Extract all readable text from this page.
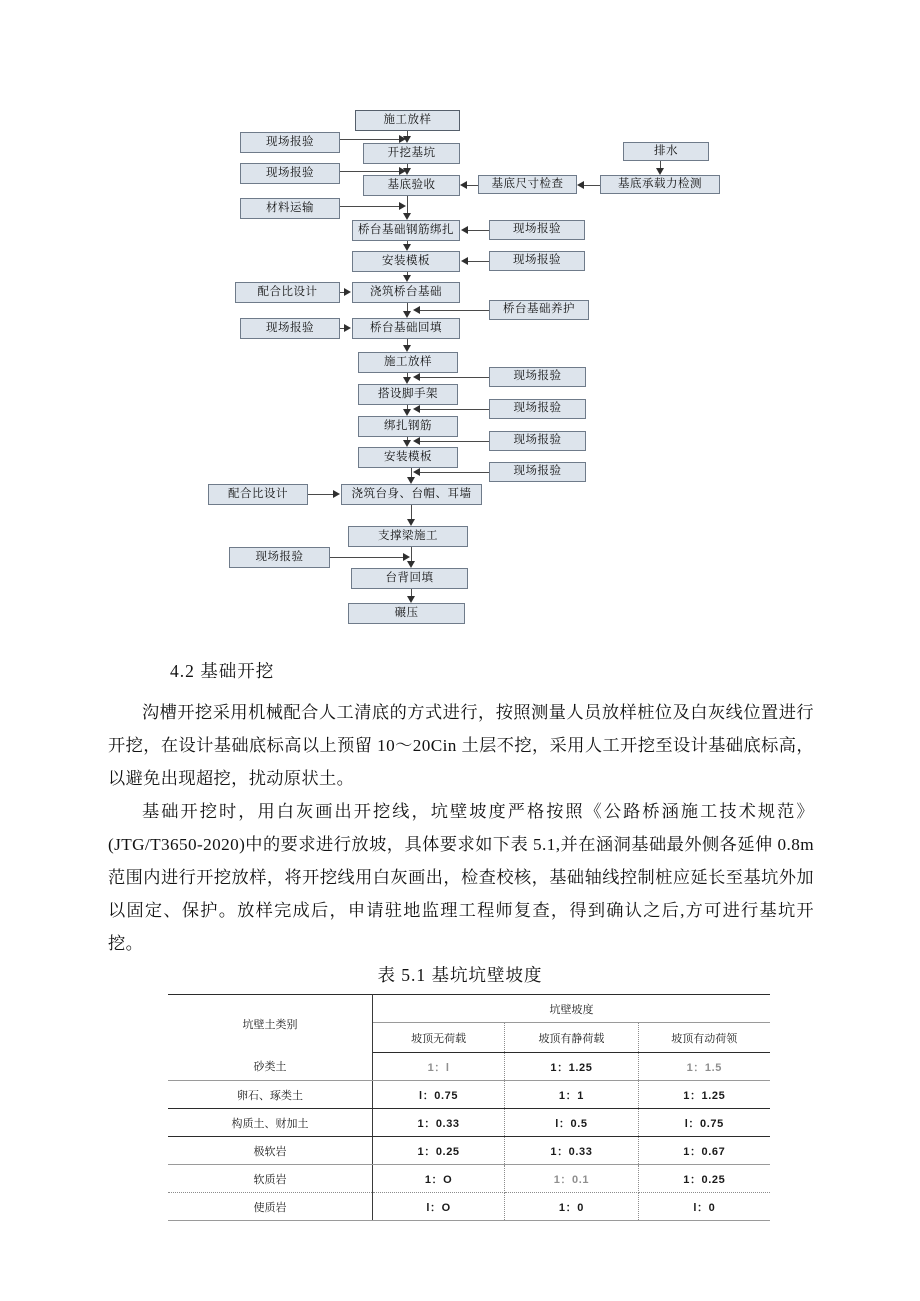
施工放样
现场报验
开挖基坑
现场报验
基底验收	基底尺寸检查	基底承载力检测
排水
材料运输
桥台基础钢筋绑扎	现场报验
安装模板	现场报验
配合比设计	浇筑桥台基础
桥台基础养护
现场报验	桥台基础回填
施工放样
现场报验
搭设脚手架
现场报验
绑扎钢筋
现场报验
安装模板
现场报验
配合比设计	浇筑台身、台帽、耳墙
支撑梁施工
现场报验
台背回填
碾压
4.2 基础开挖
沟槽开挖采用机械配合人工清底的方式进行，按照测量人员放样桩位及白灰线位置进行开挖，在设计基础底标高以上预留 10～20Cin 土层不挖，采用人工开挖至设计基础底标高，以避免出现超挖，扰动原状土。
基础开挖时，用白灰画出开挖线，坑壁坡度严格按照《公路桥涵施工技术规范》(JTG/T3650-2020)中的要求进行放坡，具体要求如下表 5.1,并在涵洞基础最外侧各延伸 0.8m 范围内进行开挖放样，将开挖线用白灰画出，检查校核，基础轴线控制桩应延长至基坑外加以固定、保护。放样完成后，申请驻地监理工程师复查，得到确认之后,方可进行基坑开挖。
表 5.1 基坑坑壁坡度
坑壁土类别	坑壁坡度		
	坡顶无荷载	坡顶有静荷载	坡顶有动荷领
砂类土	1：l	1：1.25	1：1.5
卵石、琢类土	l：0.75	1：1	1：1.25
构质土、财加土	1：0.33	l：0.5	l：0.75
极软岩	1：0.25	1：0.33	1：0.67
软质岩	1：O	1：0.1	1：0.25
使质岩	l：O	1：0	l：0
